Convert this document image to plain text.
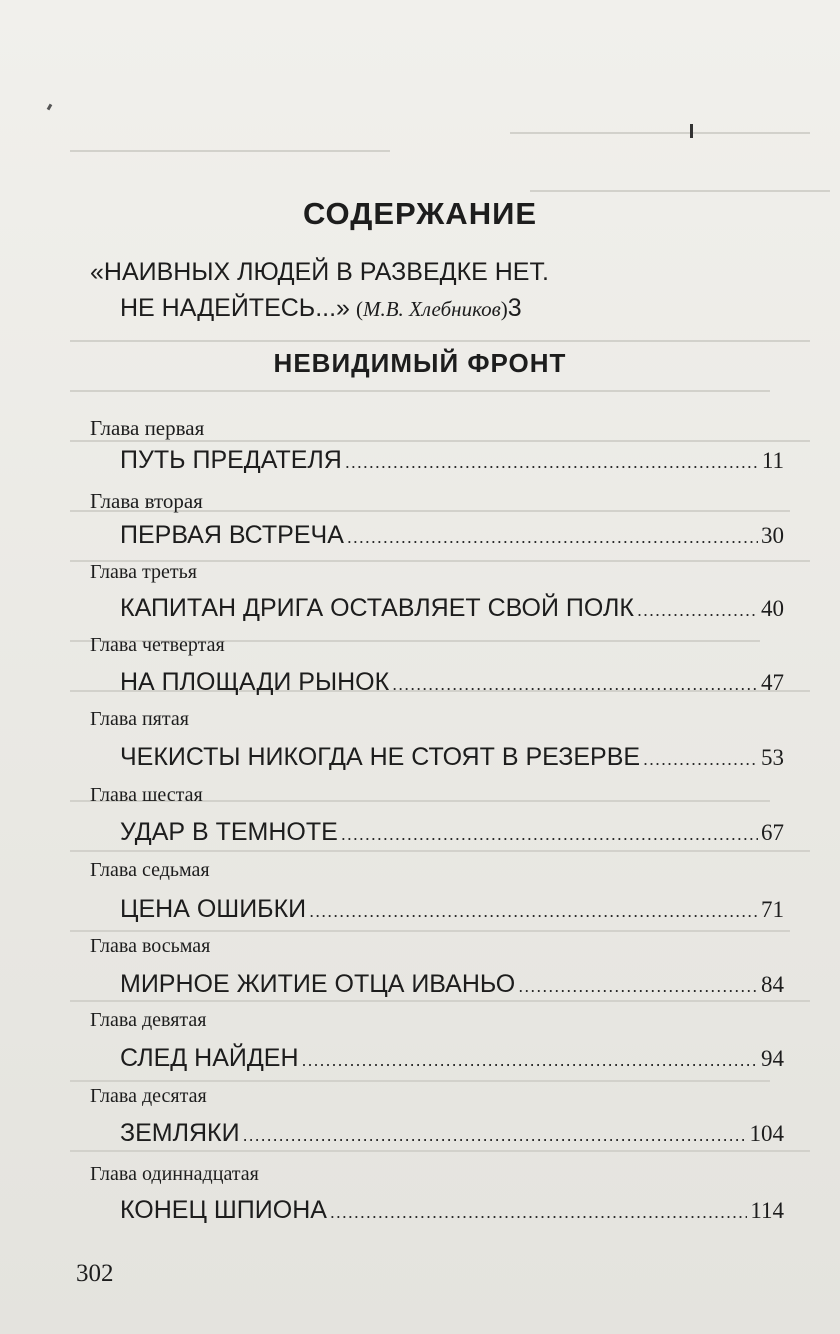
СОДЕРЖАНИЕ
«НАИВНЫХ ЛЮДЕЙ В РАЗВЕДКЕ НЕТ.
НЕ НАДЕЙТЕСЬ...» (М.В. Хлебников) 3
НЕВИДИМЫЙ ФРОНТ
Глава первая
ПУТЬ ПРЕДАТЕЛЯ .....	11
Глава вторая
ПЕРВАЯ ВСТРЕЧА .....	30
Глава третья
КАПИТАН ДРИГА ОСТАВЛЯЕТ СВОЙ ПОЛК .....	40
Глава четвертая
НА ПЛОЩАДИ РЫНОК .....	47
Глава пятая
ЧЕКИСТЫ НИКОГДА НЕ СТОЯТ В РЕЗЕРВЕ .....	53
Глава шестая
УДАР В ТЕМНОТЕ .....	67
Глава седьмая
ЦЕНА ОШИБКИ .....	71
Глава восьмая
МИРНОЕ ЖИТИЕ ОТЦА ИВАНЬО .....	84
Глава девятая
СЛЕД НАЙДЕН .....	94
Глава десятая
ЗЕМЛЯКИ .....	104
Глава одиннадцатая
КОНЕЦ ШПИОНА .....	114
302
